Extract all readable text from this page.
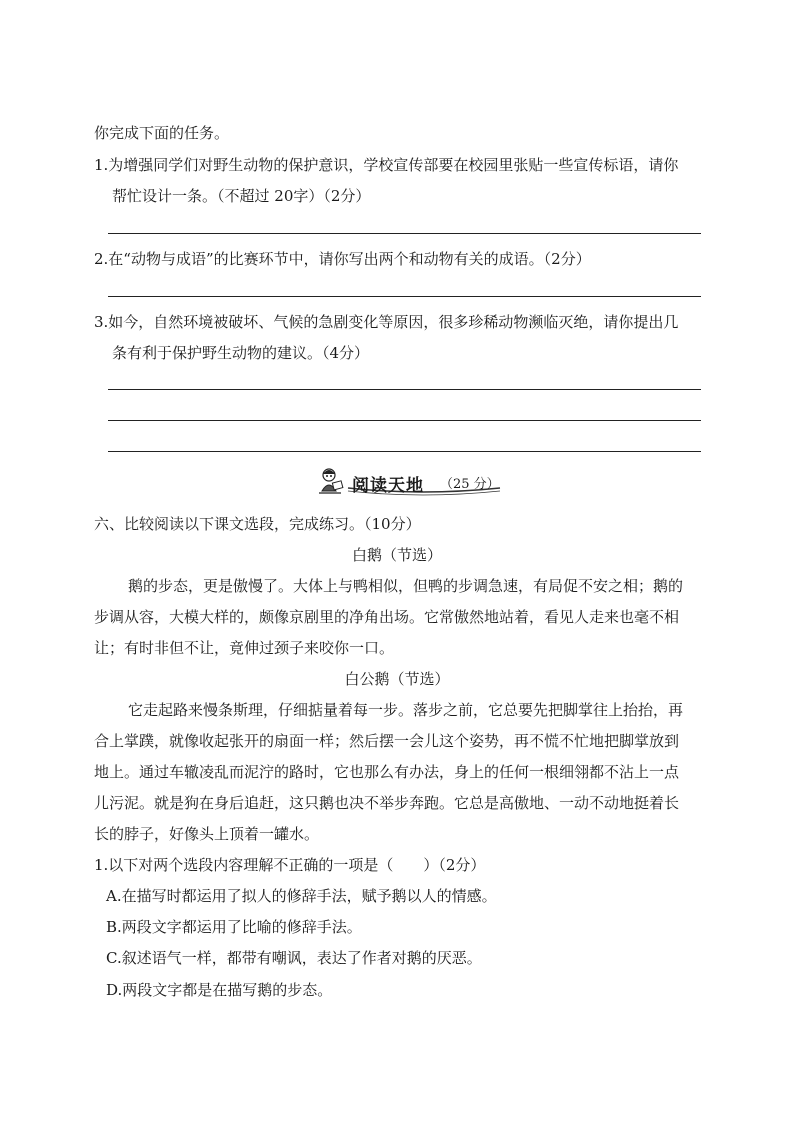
你完成下面的任务。
1.为增强同学们对野生动物的保护意识，学校宣传部要在校园里张贴一些宣传标语，请你
帮忙设计一条。（不超过 20字）（2分）
2.在“动物与成语”的比赛环节中，请你写出两个和动物有关的成语。（2分）
3.如今，自然环境被破坏、气候的急剧变化等原因，很多珍稀动物濒临灭绝，请你提出几
条有利于保护野生动物的建议。（4分）
阅读天地 （25 分）
六、比较阅读以下课文选段，完成练习。（10分）
白鹅（节选）
鹅的步态，更是傲慢了。大体上与鸭相似，但鸭的步调急速，有局促不安之相；鹅的
步调从容，大模大样的，颇像京剧里的净角出场。它常傲然地站着，看见人走来也毫不相
让；有时非但不让，竟伸过颈子来咬你一口。
白公鹅（节选）
它走起路来慢条斯理，仔细掂量着每一步。落步之前，它总要先把脚掌往上抬抬，再
合上掌蹼，就像收起张开的扇面一样；然后摆一会儿这个姿势，再不慌不忙地把脚掌放到
地上。通过车辙凌乱而泥泞的路时，它也那么有办法，身上的任何一根细翎都不沾上一点
儿污泥。就是狗在身后追赶，这只鹅也决不举步奔跑。它总是高傲地、一动不动地挺着长
长的脖子，好像头上顶着一罐水。
1.以下对两个选段内容理解不正确的一项是（　　）（2分）
A.在描写时都运用了拟人的修辞手法，赋予鹅以人的情感。
B.两段文字都运用了比喻的修辞手法。
C.叙述语气一样，都带有嘲讽，表达了作者对鹅的厌恶。
D.两段文字都是在描写鹅的步态。
